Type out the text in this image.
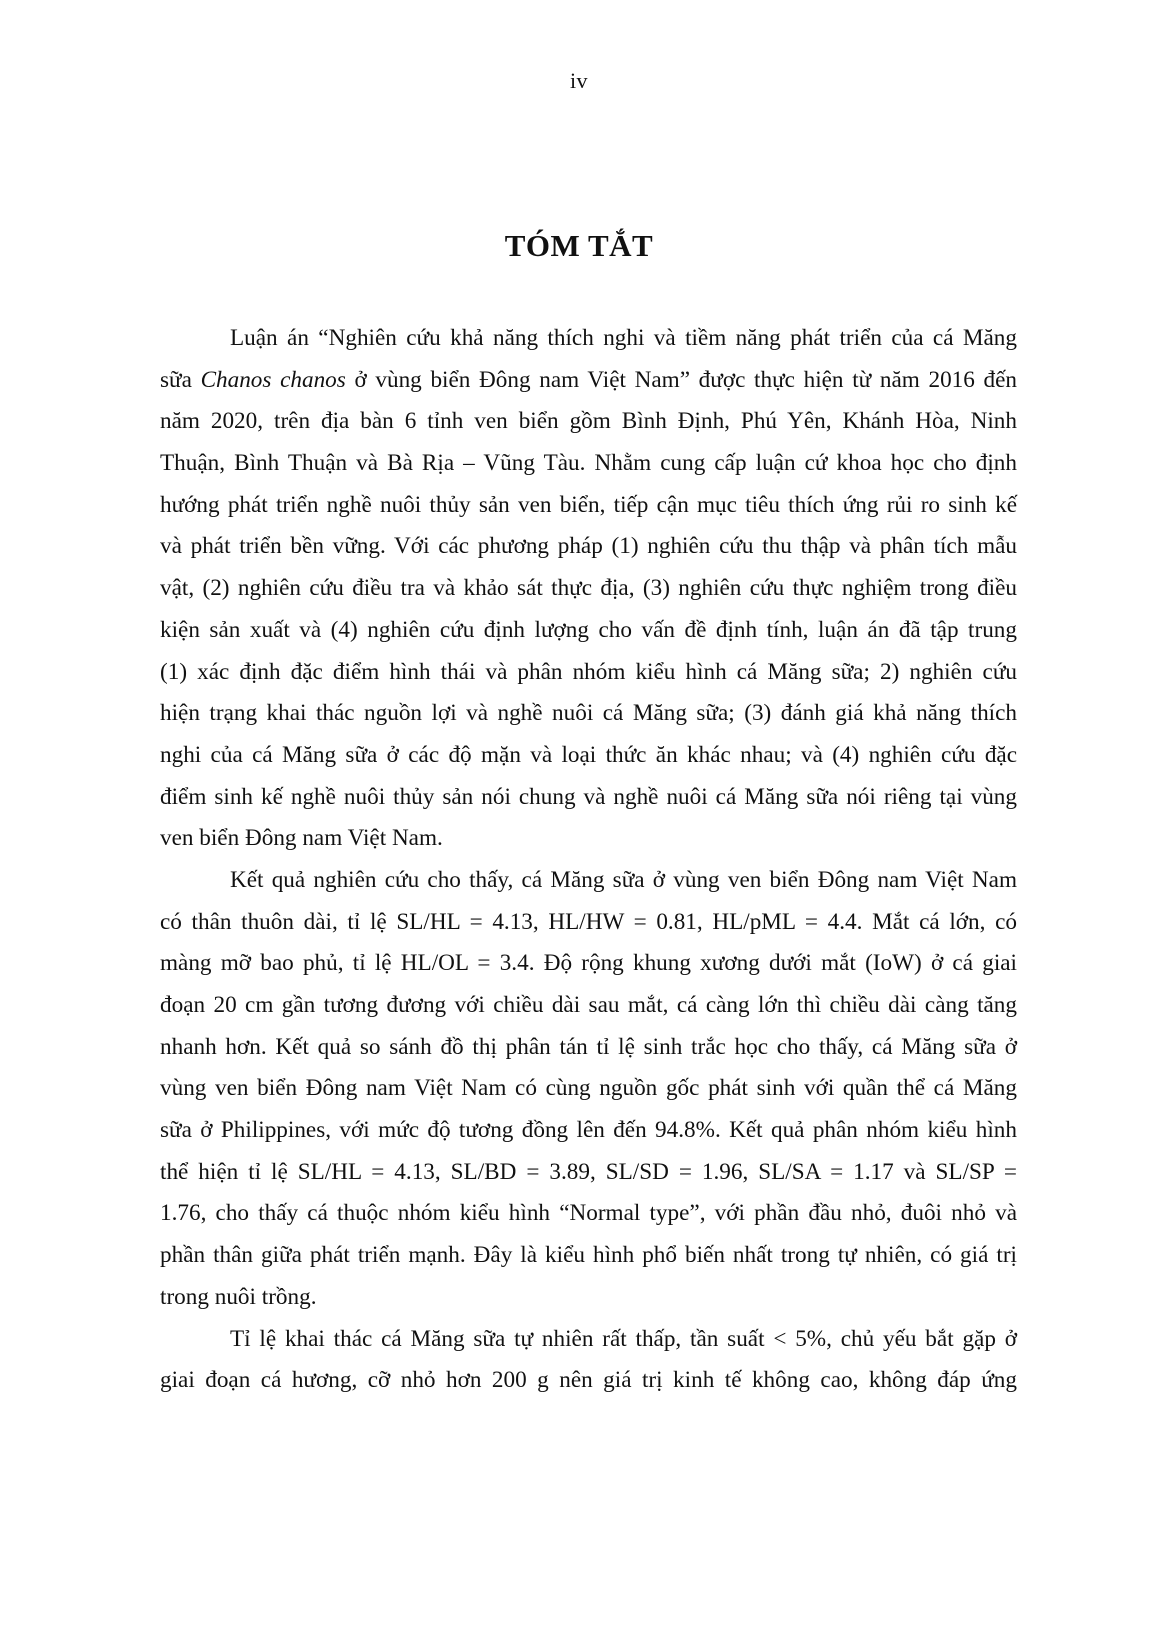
iv
TÓM TẮT
Luận án “Nghiên cứu khả năng thích nghi và tiềm năng phát triển của cá Măng
sữa Chanos chanos ở vùng biển Đông nam Việt Nam” được thực hiện từ năm 2016 đến
năm 2020, trên địa bàn 6 tỉnh ven biển gồm Bình Định, Phú Yên, Khánh Hòa, Ninh
Thuận, Bình Thuận và Bà Rịa – Vũng Tàu. Nhằm cung cấp luận cứ khoa học cho định
hướng phát triển nghề nuôi thủy sản ven biển, tiếp cận mục tiêu thích ứng rủi ro sinh kế
và phát triển bền vững. Với các phương pháp (1) nghiên cứu thu thập và phân tích mẫu
vật, (2) nghiên cứu điều tra và khảo sát thực địa, (3) nghiên cứu thực nghiệm trong điều
kiện sản xuất và (4) nghiên cứu định lượng cho vấn đề định tính, luận án đã tập trung
(1) xác định đặc điểm hình thái và phân nhóm kiểu hình cá Măng sữa; 2) nghiên cứu
hiện trạng khai thác nguồn lợi và nghề nuôi cá Măng sữa; (3) đánh giá khả năng thích
nghi của cá Măng sữa ở các độ mặn và loại thức ăn khác nhau; và (4) nghiên cứu đặc
điểm sinh kế nghề nuôi thủy sản nói chung và nghề nuôi cá Măng sữa nói riêng tại vùng
ven biển Đông nam Việt Nam.
Kết quả nghiên cứu cho thấy, cá Măng sữa ở vùng ven biển Đông nam Việt Nam
có thân thuôn dài, tỉ lệ SL/HL = 4.13, HL/HW = 0.81, HL/pML = 4.4. Mắt cá lớn, có
màng mỡ bao phủ, tỉ lệ HL/OL = 3.4. Độ rộng khung xương dưới mắt (IoW) ở cá giai
đoạn 20 cm gần tương đương với chiều dài sau mắt, cá càng lớn thì chiều dài càng tăng
nhanh hơn. Kết quả so sánh đồ thị phân tán tỉ lệ sinh trắc học cho thấy, cá Măng sữa ở
vùng ven biển Đông nam Việt Nam có cùng nguồn gốc phát sinh với quần thể cá Măng
sữa ở Philippines, với mức độ tương đồng lên đến 94.8%. Kết quả phân nhóm kiểu hình
thể hiện tỉ lệ SL/HL = 4.13, SL/BD = 3.89, SL/SD = 1.96, SL/SA = 1.17 và SL/SP =
1.76, cho thấy cá thuộc nhóm kiểu hình “Normal type”, với phần đầu nhỏ, đuôi nhỏ và
phần thân giữa phát triển mạnh. Đây là kiểu hình phổ biến nhất trong tự nhiên, có giá trị
trong nuôi trồng.
Tỉ lệ khai thác cá Măng sữa tự nhiên rất thấp, tần suất < 5%, chủ yếu bắt gặp ở
giai đoạn cá hương, cỡ nhỏ hơn 200 g nên giá trị kinh tế không cao, không đáp ứng
